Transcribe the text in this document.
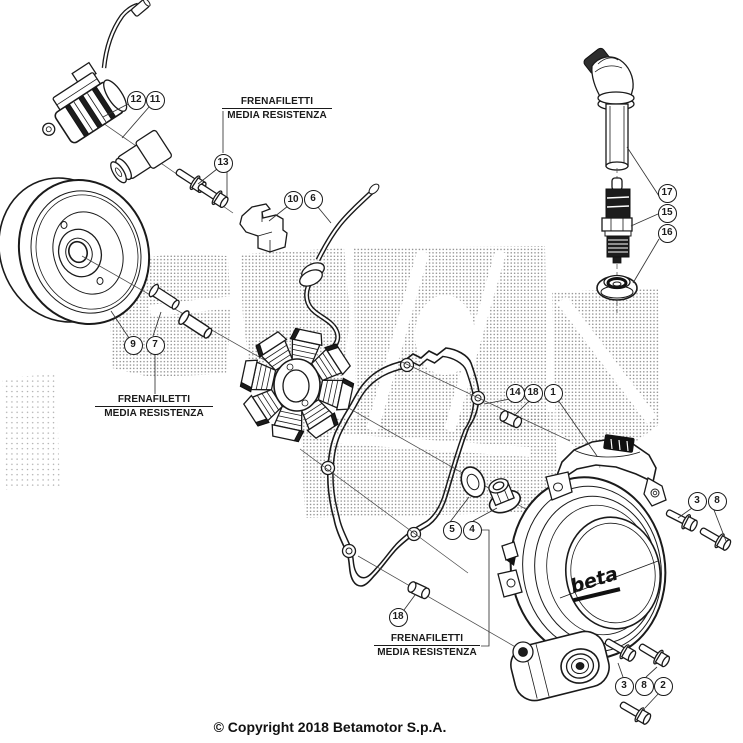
beta
12 11
13
10	6
9	7
17
15
16
14 18	1
5	4
3	8
18
3	8	2
FRENAFILETTI
MEDIA RESISTENZA
FRENAFILETTI
MEDIA RESISTENZA
FRENAFILETTI
MEDIA RESISTENZA
© Copyright 2018 Betamotor S.p.A.
